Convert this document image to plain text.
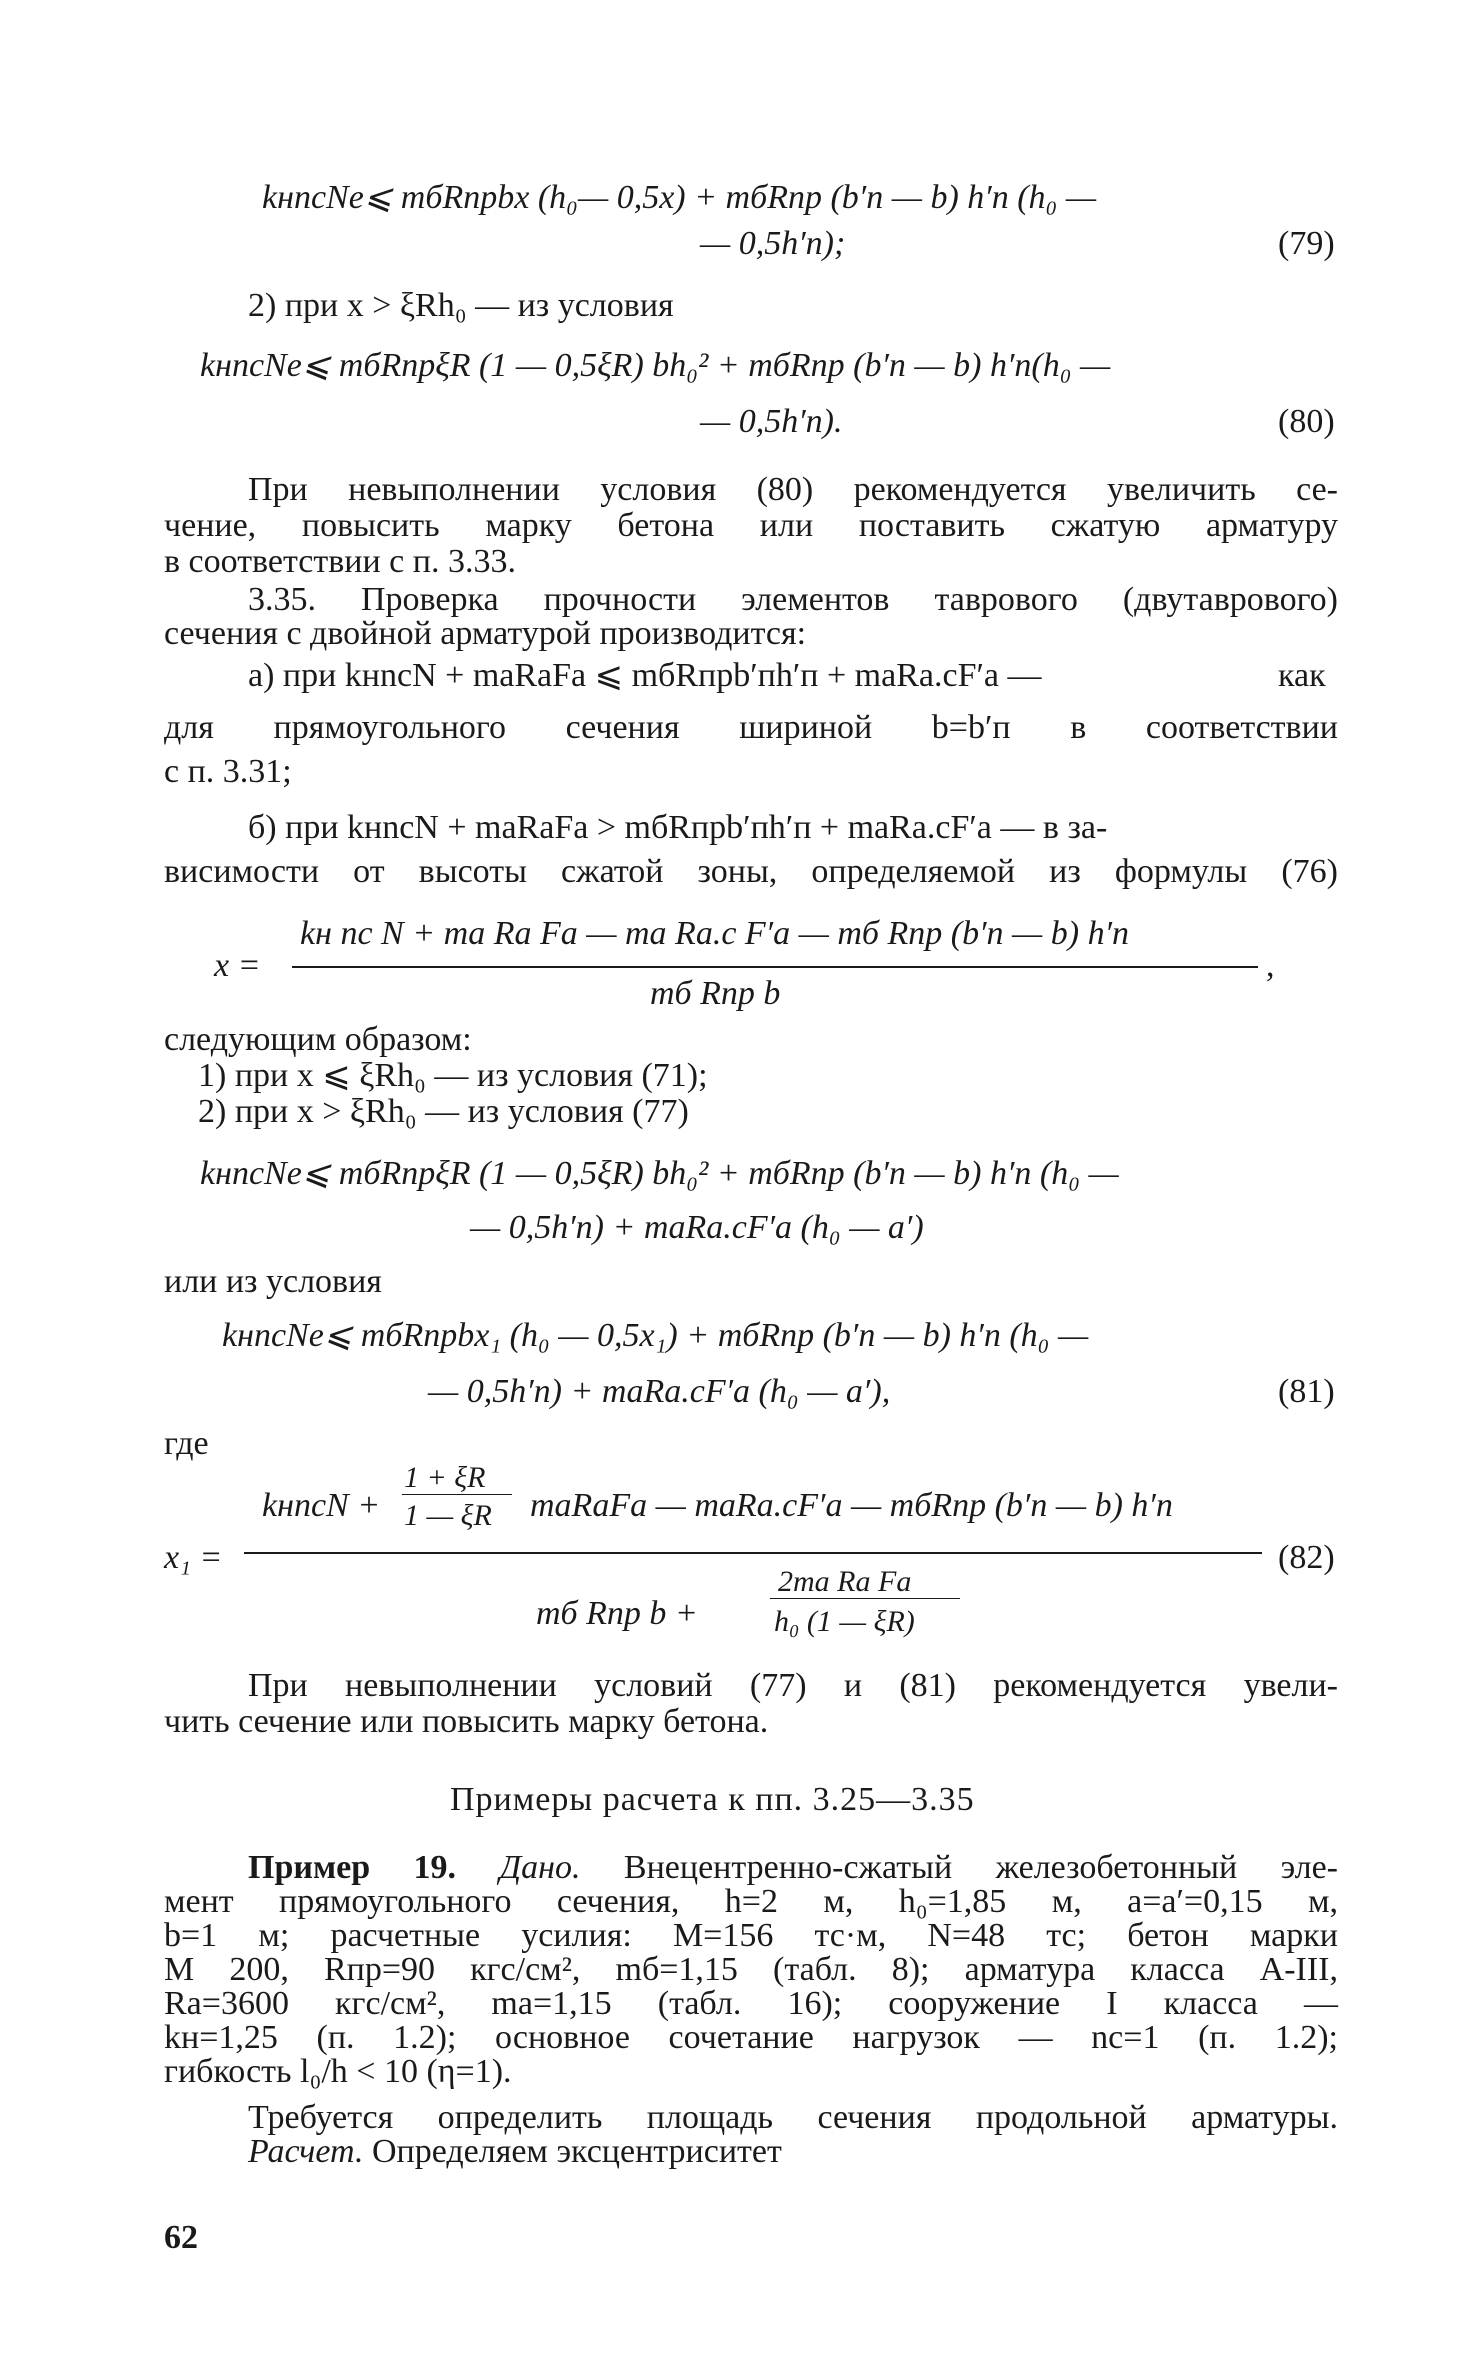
kнnсNe⩽ mбRпрbx (h₀— 0,5x) + mбRпр (b′п — b) h′п (h₀ —
— 0,5h′п);	(79)
2) при x > ξRh₀ — из условия
kнnсNe⩽ mбRпрξR (1 — 0,5ξR) bh₀² + mбRпр (b′п — b) h′п(h₀ —
— 0,5h′п).	(80)
При невыполнении условия (80) рекомендуется увеличить се-
чение, повысить марку бетона или поставить сжатую арматуру
в соответствии с п. 3.33.
3.35. Проверка прочности элементов таврового (двутаврового)
сечения с двойной арматурой производится:
а) при kнnсN + mаRаFа ⩽ mбRпрb′пh′п + mаRа.сF′а —	как
для прямоугольного сечения шириной b=b′п в соответствии
с п. 3.31;
б) при kнnсN + mаRаFа > mбRпрb′пh′п + mаRа.сF′а — в за-
висимости от высоты сжатой зоны, определяемой из формулы (76)
x =
kн nс N + mа Rа Fа — mа Rа.с F′а — mб Rпр (b′п — b) h′п
mб Rпр b
,
следующим образом:
1) при x ⩽ ξRh₀ — из условия (71);
2) при x > ξRh₀ — из условия (77)
kнnсNe⩽ mбRпрξR (1 — 0,5ξR) bh₀² + mбRпр (b′п — b) h′п (h₀ —
— 0,5h′п) + mаRа.сF′а (h₀ — a′)
или из условия
kнnсNe⩽ mбRпрbx₁ (h₀ — 0,5x₁) + mбRпр (b′п — b) h′п (h₀ —
— 0,5h′п) + mаRа.сF′а (h₀ — a′),	(81)
где
x₁ =
kнnсN +
1 + ξR
1 — ξR mаRаFа — mаRа.сF′а — mбRпр (b′п — b) h′п
mб Rпр b +
2mа Rа Fа
h₀ (1 — ξR)
(82)
При невыполнении условий (77) и (81) рекомендуется увели-
чить сечение или повысить марку бетона.
Примеры расчета к пп. 3.25—3.35
Пример 19. Дано. Внецентренно-сжатый железобетонный эле-
мент прямоугольного сечения, h=2 м, h₀=1,85 м, a=a′=0,15 м,
b=1 м; расчетные усилия: M=156 тс·м, N=48 тс; бетон марки
М 200, Rпр=90 кгс/см², mб=1,15 (табл. 8); арматура класса А-III,
Rа=3600 кгс/см², mа=1,15 (табл. 16); сооружение I класса —
kн=1,25 (п. 1.2); основное сочетание нагрузок — nс=1 (п. 1.2);
гибкость l₀/h < 10 (η=1).
Требуется определить площадь сечения продольной арматуры.
Расчет. Определяем эксцентриситет
62
